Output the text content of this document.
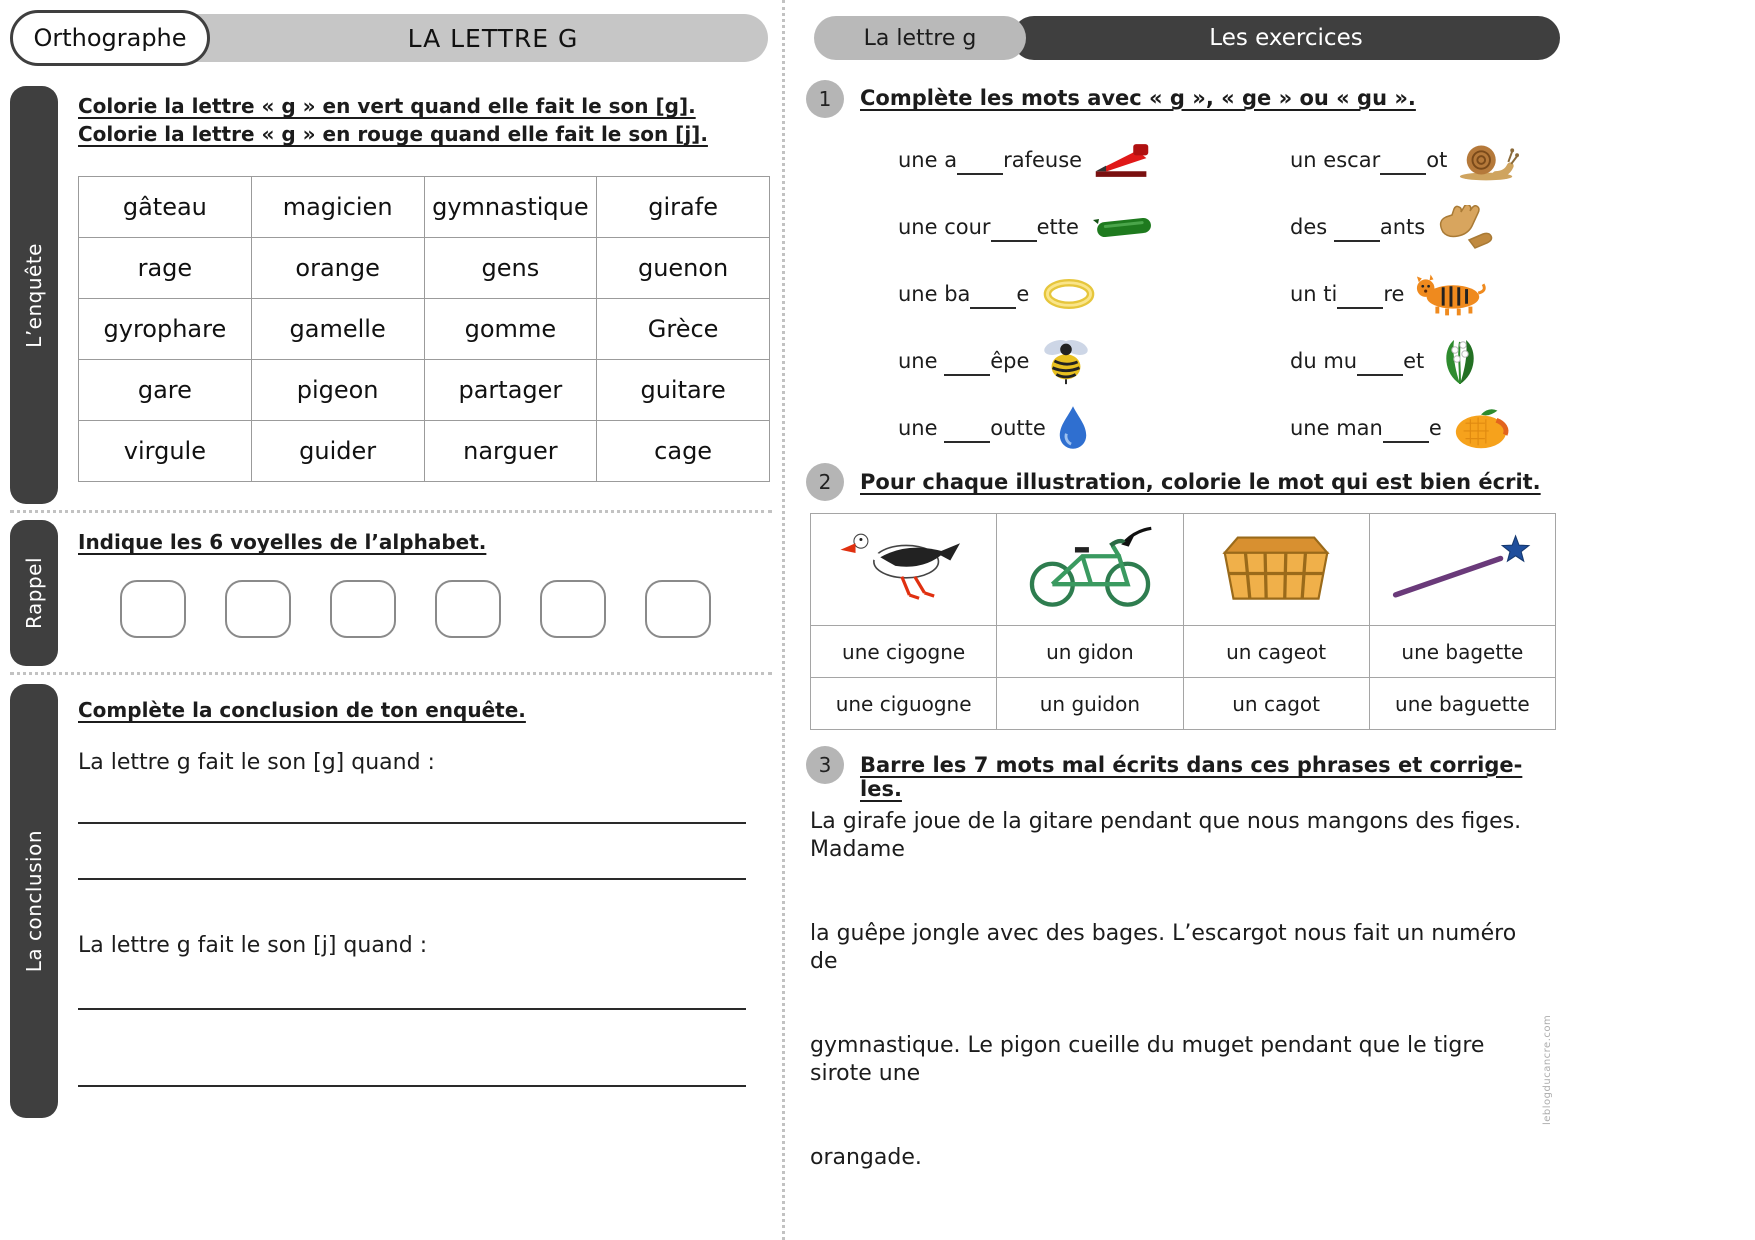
LA LETTRE G
Orthographe
L’enquête
Rappel
La conclusion

Colorie la lettre « g » en vert quand elle fait le son [g].

Colorie la lettre « g » en rouge quand elle fait le son [j].

gâteau	magicien	gymnastique	girafe
rage	orange	gens	guenon
gyrophare	gamelle	gomme	Grèce
gare	pigeon	partager	guitare
virgule	guider	narguer	cage
Indique les 6 voyelles de l’alphabet.
Complète la conclusion de ton enquête.
La lettre g fait le son [g] quand :
La lettre g fait le son [j] quand :
Les exercices
La lettre g
1	Complète les mots avec « g », « ge » ou « gu ».
une a rafeuse
une cour ette
une ba e
une êpe
une outte
un escar ot
des ants
un ti re
du mu et
une man e
2	Pour chaque illustration, colorie le mot qui est bien écrit.

une cigogne	un gidon	un cageot	une bagette
une ciguogne	un guidon	un cagot	une baguette
3	Barre les 7 mots mal écrits dans ces phrases et corrige-les.

La girafe joue de la gitare pendant que nous mangons des figes. Madame

la guêpe jongle avec des bages. L’escargot nous fait un numéro de

gymnastique. Le pigon cueille du muget pendant que le tigre sirote une

orangade.

leblogducancre.com
